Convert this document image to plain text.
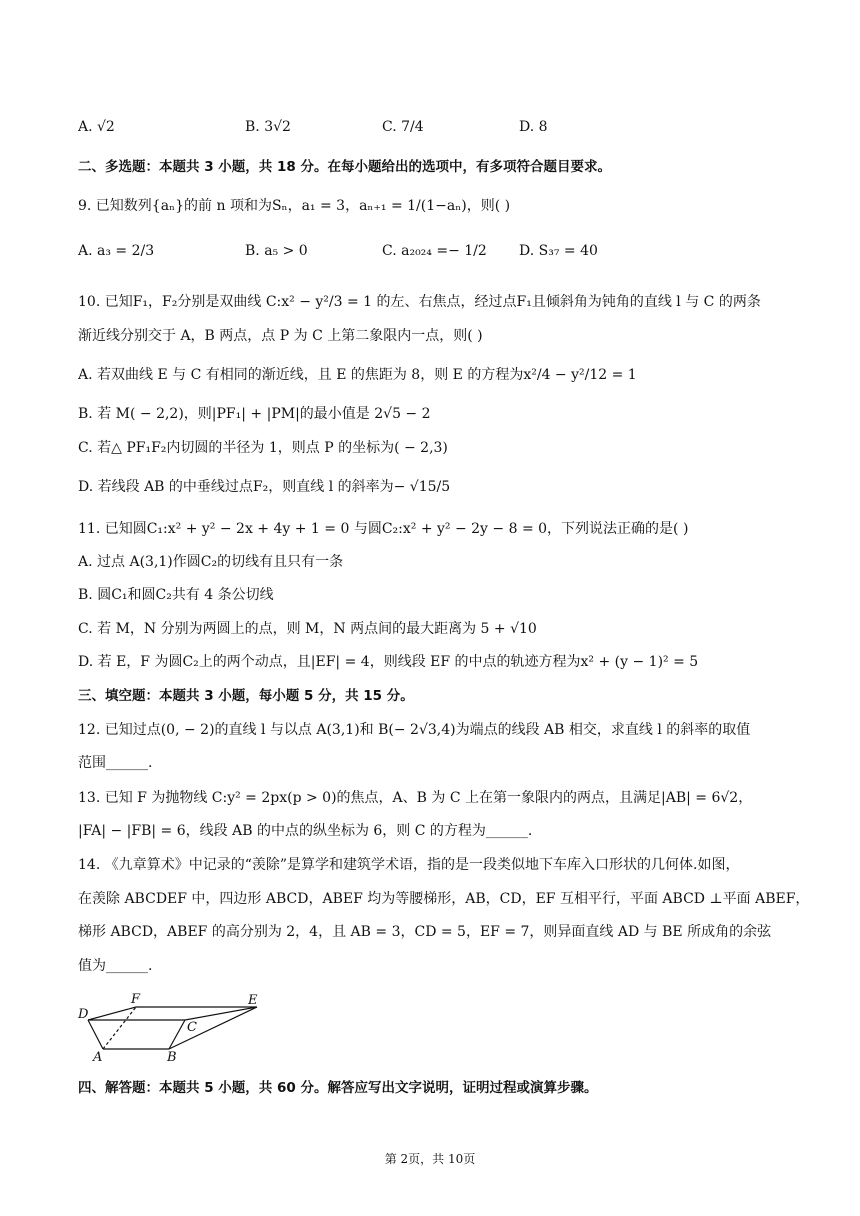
A. √2	B. 3√2	C. 7/4	D. 8
二、多选题：本题共 3 小题，共 18 分。在每小题给出的选项中，有多项符合题目要求。
9. 已知数列{aₙ}的前 n 项和为Sₙ，a₁ = 3，aₙ₊₁ = 1/(1−aₙ)，则( )
A. a₃ = 2/3	B. a₅ > 0	C. a₂₀₂₄ =− 1/2 D. S₃₇ = 40
10. 已知F₁，F₂分别是双曲线 C:x² − y²/3 = 1 的左、右焦点，经过点F₁且倾斜角为钝角的直线 l 与 C 的两条
渐近线分别交于 A，B 两点，点 P 为 C 上第二象限内一点，则( )
A. 若双曲线 E 与 C 有相同的渐近线，且 E 的焦距为 8，则 E 的方程为x²/4 − y²/12 = 1
B. 若 M( − 2,2)，则|PF₁| + |PM|的最小值是 2√5 − 2
C. 若△ PF₁F₂内切圆的半径为 1，则点 P 的坐标为( − 2,3)
D. 若线段 AB 的中垂线过点F₂，则直线 l 的斜率为− √15/5
11. 已知圆C₁:x² + y² − 2x + 4y + 1 = 0 与圆C₂:x² + y² − 2y − 8 = 0，下列说法正确的是( )
A. 过点 A(3,1)作圆C₂的切线有且只有一条
B. 圆C₁和圆C₂共有 4 条公切线
C. 若 M，N 分别为两圆上的点，则 M，N 两点间的最大距离为 5 + √10
D. 若 E，F 为圆C₂上的两个动点，且|EF| = 4，则线段 EF 的中点的轨迹方程为x² + (y − 1)² = 5
三、填空题：本题共 3 小题，每小题 5 分，共 15 分。
12. 已知过点(0, − 2)的直线 l 与以点 A(3,1)和 B(− 2√3,4)为端点的线段 AB 相交，求直线 l 的斜率的取值
范围______.
13. 已知 F 为抛物线 C:y² = 2px(p > 0)的焦点，A、B 为 C 上在第一象限内的两点，且满足|AB| = 6√2，
|FA| − |FB| = 6，线段 AB 的中点的纵坐标为 6，则 C 的方程为______.
14. 《九章算术》中记录的“羡除”是算学和建筑学术语，指的是一段类似地下车库入口形状的几何体.如图，
在羡除 ABCDEF 中，四边形 ABCD，ABEF 均为等腰梯形，AB，CD，EF 互相平行，平面 ABCD ⊥平面 ABEF，
梯形 ABCD，ABEF 的高分别为 2，4，且 AB = 3，CD = 5，EF = 7，则异面直线 AD 与 BE 所成角的余弦
值为______.
D
F	E
C
A	B
四、解答题：本题共 5 小题，共 60 分。解答应写出文字说明，证明过程或演算步骤。
第 2页，共 10页
